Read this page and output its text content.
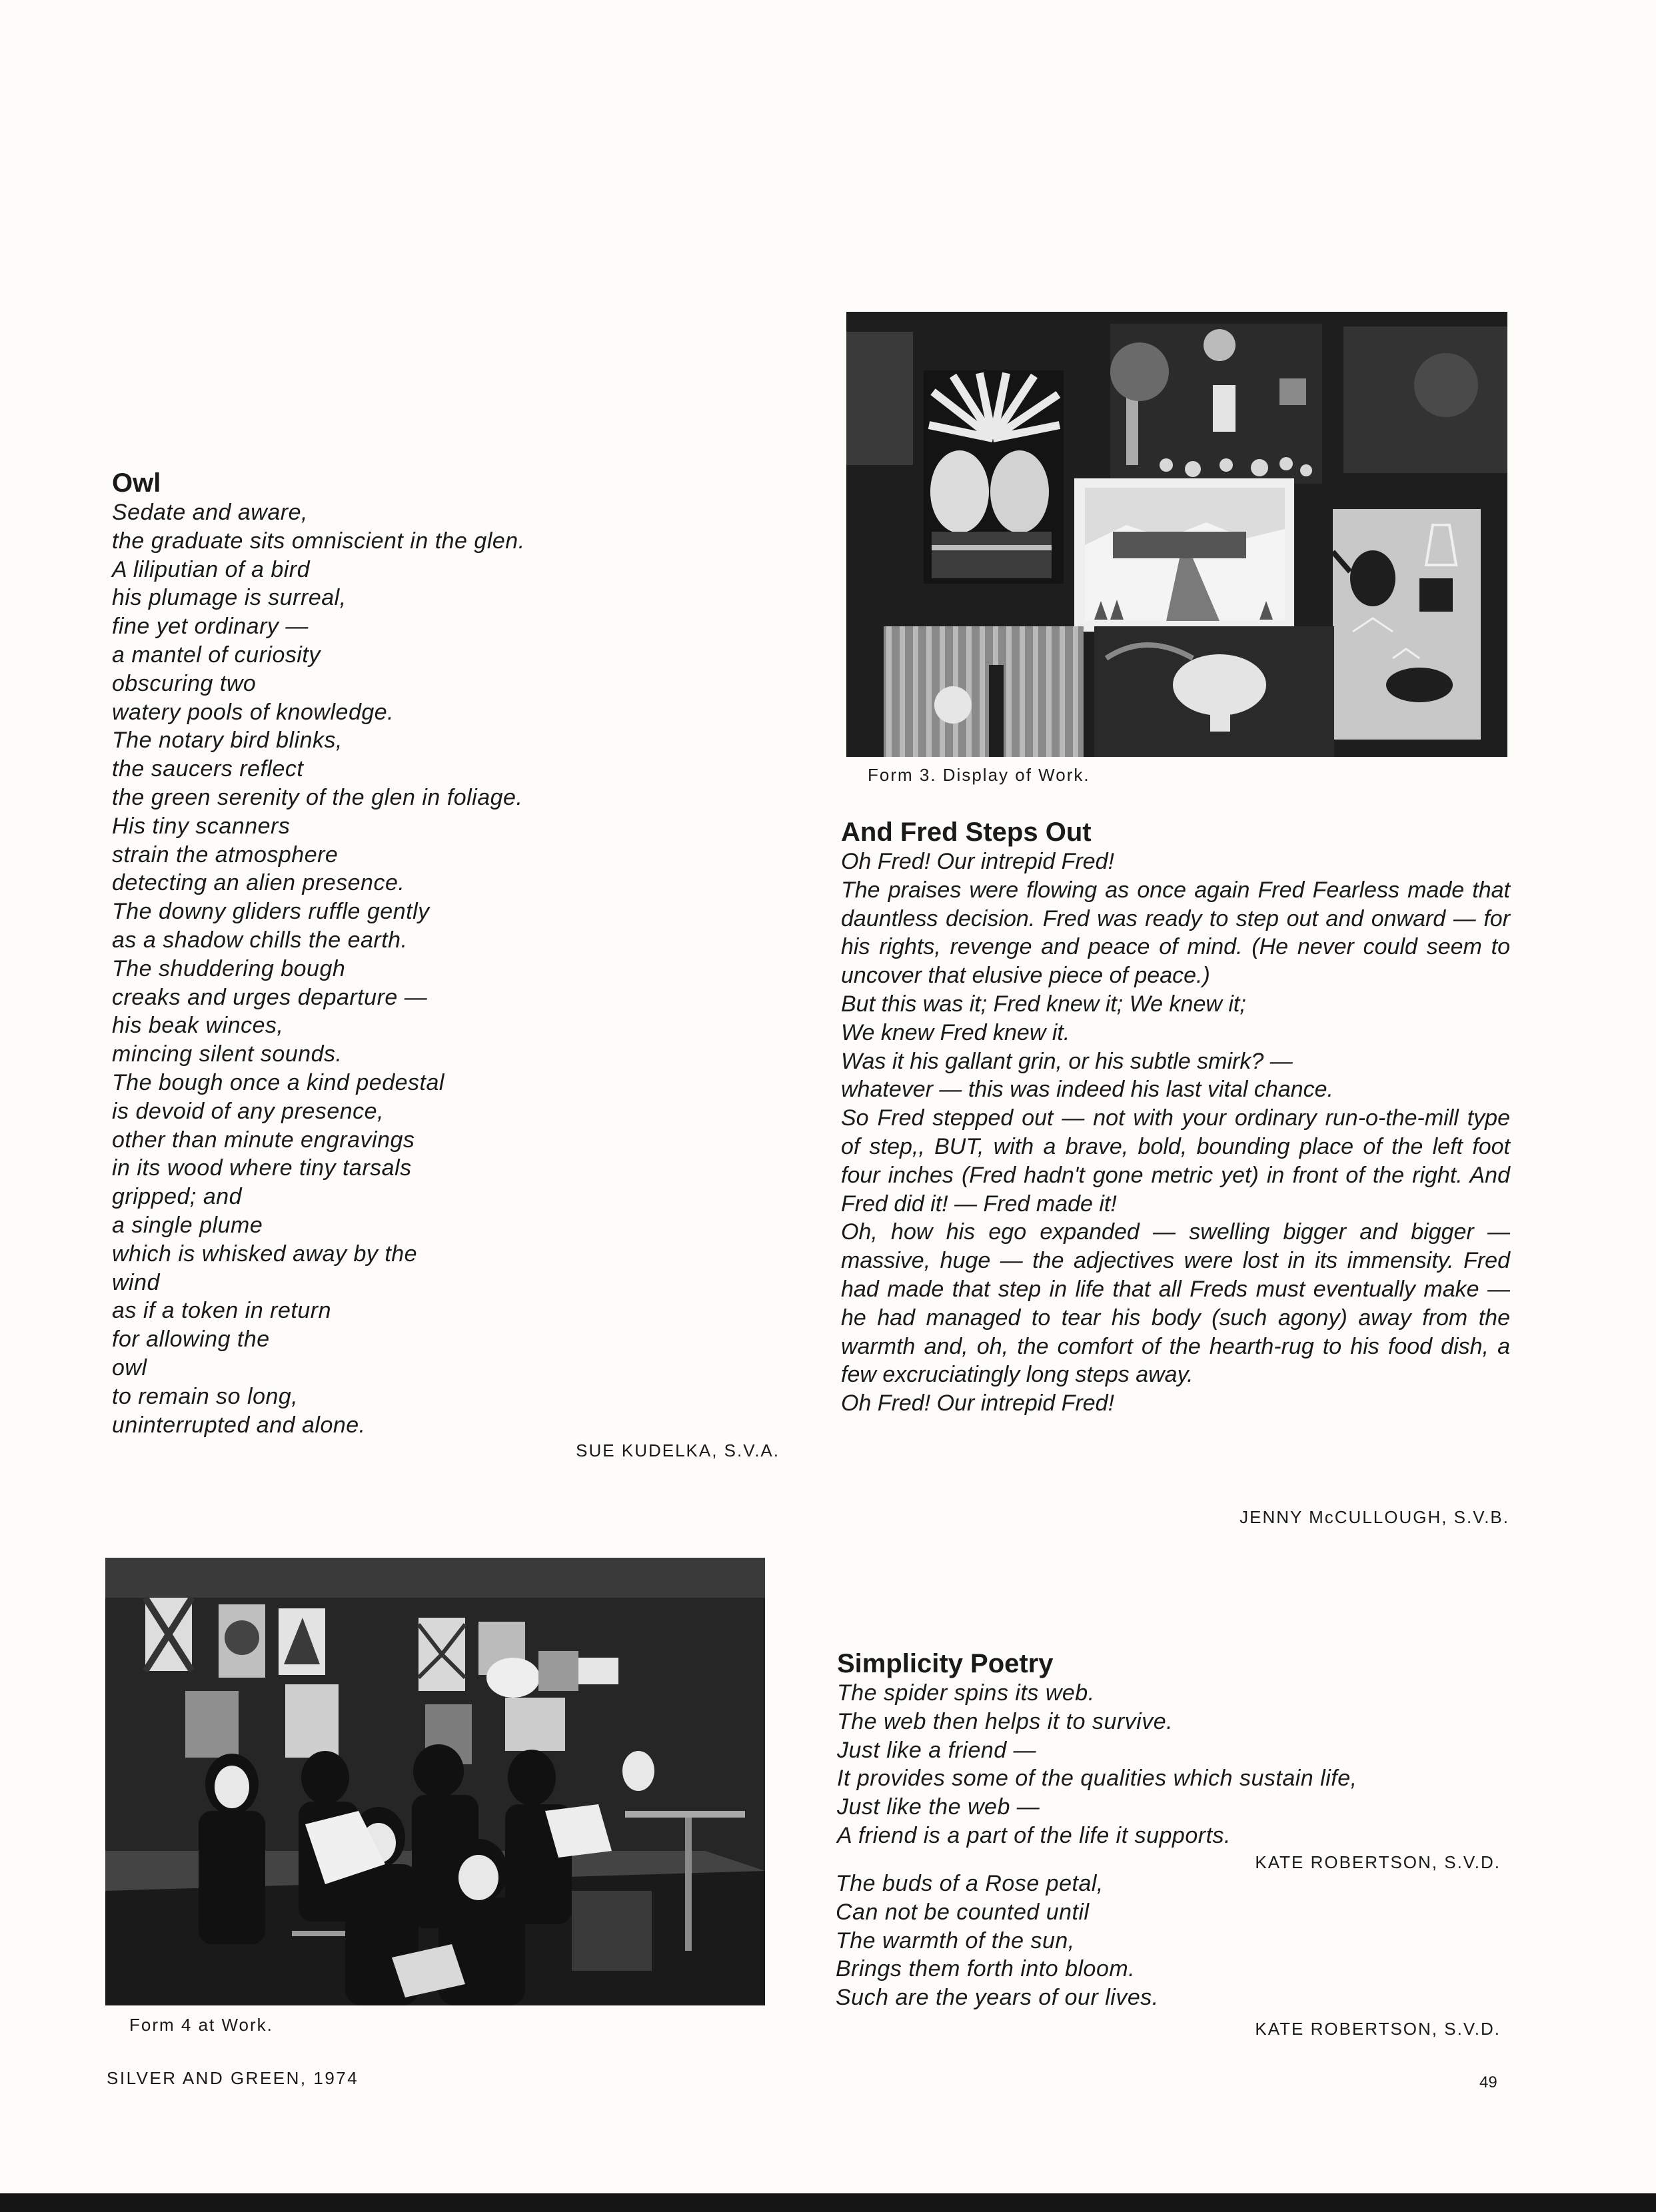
Owl
Sedate and aware,
the graduate sits omniscient in the glen.
A liliputian of a bird
his plumage is surreal,
fine yet ordinary —
a mantel of curiosity
obscuring two
watery pools of knowledge.
The notary bird blinks,
the saucers reflect
the green serenity of the glen in foliage.
His tiny scanners
strain the atmosphere
detecting an alien presence.
The downy gliders ruffle gently
as a shadow chills the earth.
The shuddering bough
creaks and urges departure —
his beak winces,
mincing silent sounds.
The bough once a kind pedestal
is devoid of any presence,
other than minute engravings
in its wood where tiny tarsals
gripped; and
a single plume
which is whisked away by the
wind
as if a token in return
for allowing the
owl
to remain so long,
uninterrupted and alone.
SUE KUDELKA, S.V.A.
Form 3. Display of Work.
And Fred Steps Out
Oh Fred! Our intrepid Fred!
The praises were flowing as once again Fred Fearless made that dauntless decision. Fred was ready to step out and onward — for his rights, revenge and peace of mind. (He never could seem to uncover that elusive piece of peace.)
But this was it; Fred knew it; We knew it;
We knew Fred knew it.
Was it his gallant grin, or his subtle smirk? —
whatever — this was indeed his last vital chance.
So Fred stepped out — not with your ordinary run-o-the-mill type of step,, BUT, with a brave, bold, bounding place of the left foot four inches (Fred hadn't gone metric yet) in front of the right. And Fred did it! — Fred made it!
Oh, how his ego expanded — swelling bigger and bigger — massive, huge — the adjectives were lost in its immensity. Fred had made that step in life that all Freds must eventually make — he had managed to tear his body (such agony) away from the warmth and, oh, the comfort of the hearth-rug to his food dish, a few excruciatingly long steps away.
Oh Fred! Our intrepid Fred!
JENNY McCULLOUGH, S.V.B.
Form 4 at Work.
Simplicity Poetry
The spider spins its web.
The web then helps it to survive.
Just like a friend —
It provides some of the qualities which sustain life,
Just like the web —
A friend is a part of the life it supports.
KATE ROBERTSON, S.V.D.
The buds of a Rose petal,
Can not be counted until
The warmth of the sun,
Brings them forth into bloom.
Such are the years of our lives.
KATE ROBERTSON, S.V.D.
SILVER AND GREEN, 1974	49
